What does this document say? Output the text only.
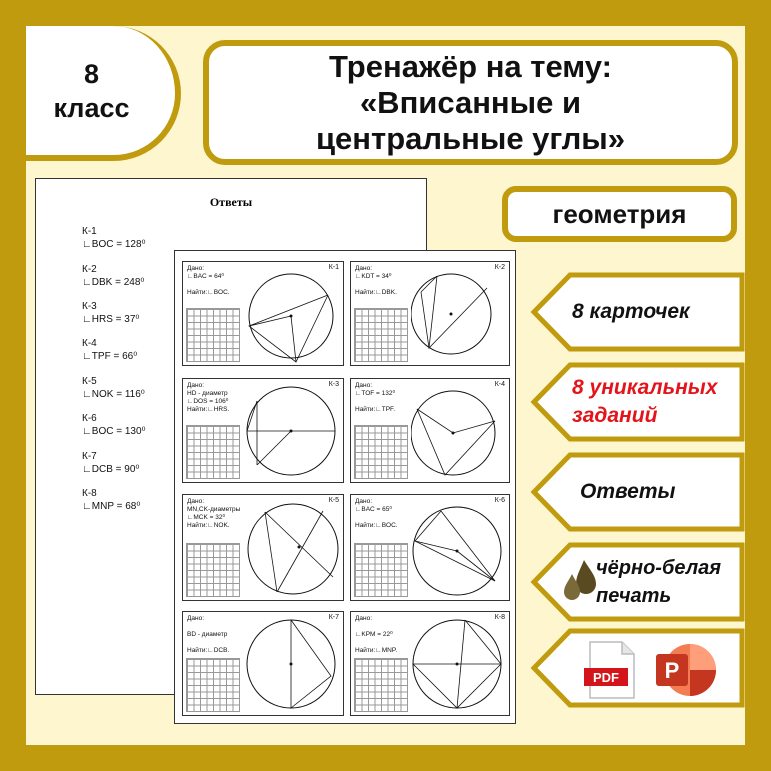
8
класс
Тренажёр на тему:
«Вписанные и
центральные углы»
геометрия
Ответы
К-1
∟BOC = 128⁰
К-2
∟DBK = 248⁰
К-3
∟HRS = 37⁰
К-4
∟TPF = 66⁰
К-5
∟NOK = 116⁰
К-6
∟BOC = 130⁰
К-7
∟DCB = 90⁰
К-8
∟MNP = 68⁰
Дано:
∟BAC = 64⁰

Найти:∟BOC.
К-1 Дано:
∟KDT = 34⁰

Найти:∟DBK.
К-2
Дано:
HD - диаметр
∟DOS = 106⁰
Найти:∟HRS.
К-3 Дано:
∟TOF = 132⁰

Найти:∟TPF.
К-4
Дано:
MN,CK-диаметры
∟MCK = 32⁰
Найти:∟NOK.
К-5 Дано:
∟BAC = 65⁰

Найти:∟BOC.
К-6
Дано:

BD - диаметр

Найти:∟DCB.
К-7 Дано:

∟KPM = 22⁰

Найти:∟MNP.
К-8
8 карточек
8 уникальных
заданий
Ответы
чёрно-белая
печать
PDF P
